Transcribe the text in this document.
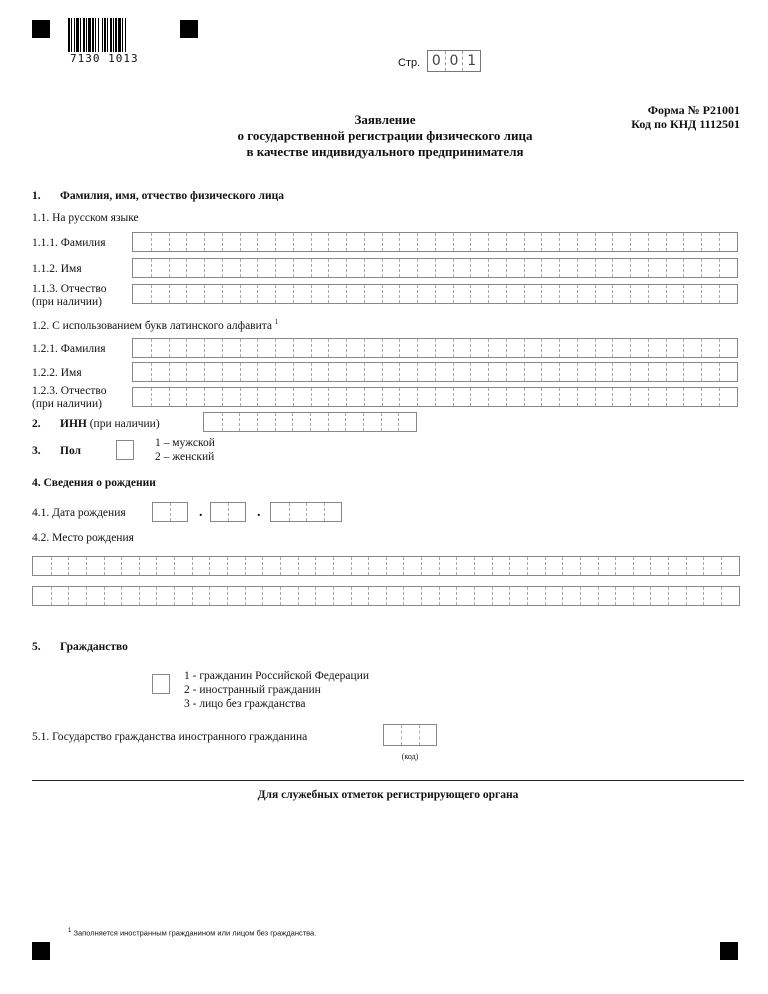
7130 1013	Стр. 0 0 1
Форма № Р21001
Код по КНД 1112501
Заявление
о государственной регистрации физического лица
в качестве индивидуального предпринимателя
1. Фамилия, имя, отчество физического лица
1.1. На русском языке
1.1.1. Фамилия
1.1.2. Имя
1.1.3. Отчество
(при наличии)
1.2. С использованием букв латинского алфавита $^1$
1.2.1. Фамилия
1.2.2. Имя
1.2.3. Отчество
(при наличии)
2. ИНН (при наличии)
3. Пол
1 – мужской
2 – женский
4. Сведения о рождении
4.1. Дата рождения	.	.
4.2. Место рождения
5. Гражданство
1 - гражданин Российской Федерации
2 - иностранный гражданин
3 - лицо без гражданства
5.1. Государство гражданства иностранного гражданина
(код)
Для служебных отметок регистрирующего органа
$^1$ Заполняется иностранным гражданином или лицом без гражданства.
